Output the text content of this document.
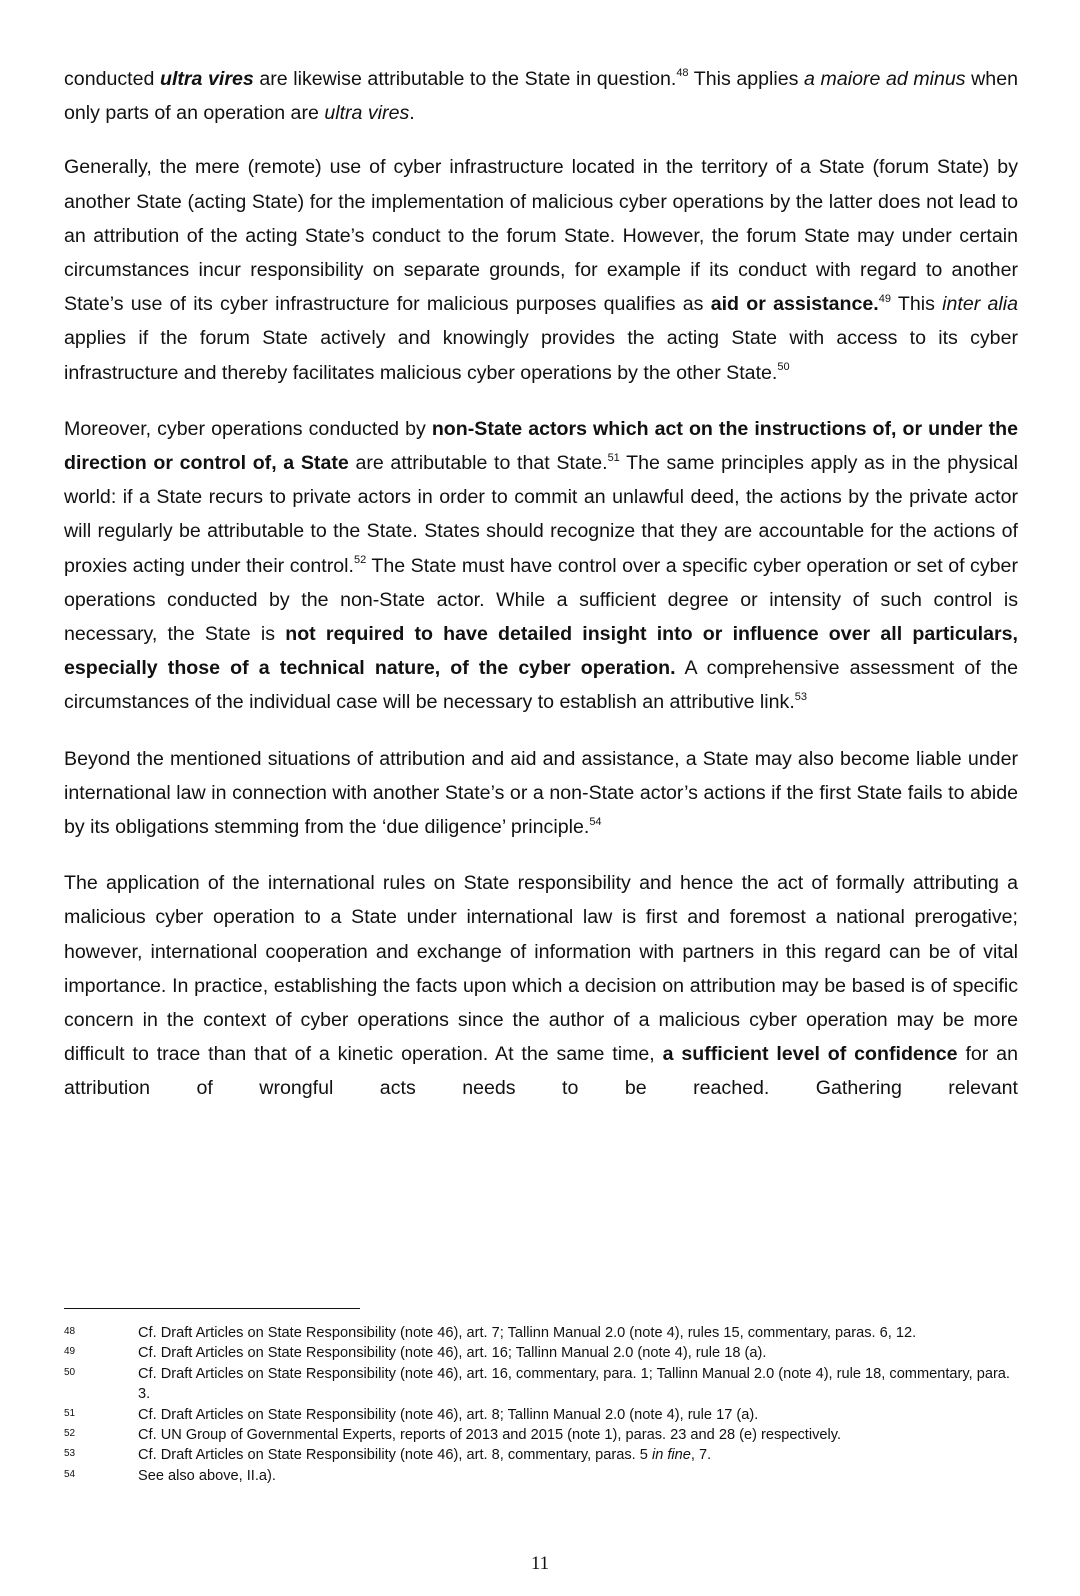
conducted ultra vires are likewise attributable to the State in question.$^{48}$ This applies a maiore ad minus when only parts of an operation are ultra vires.

Generally, the mere (remote) use of cyber infrastructure located in the territory of a State (forum State) by another State (acting State) for the implementation of malicious cyber operations by the latter does not lead to an attribution of the acting State’s conduct to the forum State. However, the forum State may under certain circumstances incur responsibility on separate grounds, for example if its conduct with regard to another State’s use of its cyber infrastructure for malicious purposes qualifies as aid or assistance.$^{49}$ This inter alia applies if the forum State actively and knowingly provides the acting State with access to its cyber infrastructure and thereby facilitates malicious cyber operations by the other State.$^{50}$

Moreover, cyber operations conducted by non-State actors which act on the instructions of, or under the direction or control of, a State are attributable to that State.$^{51}$ The same principles apply as in the physical world: if a State recurs to private actors in order to commit an unlawful deed, the actions by the private actor will regularly be attributable to the State. States should recognize that they are accountable for the actions of proxies acting under their control.$^{52}$ The State must have control over a specific cyber operation or set of cyber operations conducted by the non-State actor. While a sufficient degree or intensity of such control is necessary, the State is not required to have detailed insight into or influence over all particulars, especially those of a technical nature, of the cyber operation. A comprehensive assessment of the circumstances of the individual case will be necessary to establish an attributive link.$^{53}$

Beyond the mentioned situations of attribution and aid and assistance, a State may also become liable under international law in connection with another State’s or a non-State actor’s actions if the first State fails to abide by its obligations stemming from the ‘due diligence’ principle.$^{54}$

The application of the international rules on State responsibility and hence the act of formally attributing a malicious cyber operation to a State under international law is first and foremost a national prerogative; however, international cooperation and exchange of information with partners in this regard can be of vital importance. In practice, establishing the facts upon which a decision on attribution may be based is of specific concern in the context of cyber operations since the author of a malicious cyber operation may be more difficult to trace than that of a kinetic operation. At the same time, a sufficient level of confidence for an attribution of wrongful acts needs to be reached. Gathering relevant

48	Cf. Draft Articles on State Responsibility (note 46), art. 7; Tallinn Manual 2.0 (note 4), rules 15, commentary, paras. 6, 12.
49	Cf. Draft Articles on State Responsibility (note 46), art. 16; Tallinn Manual 2.0 (note 4), rule 18 (a).
50	Cf. Draft Articles on State Responsibility (note 46), art. 16, commentary, para. 1; Tallinn Manual 2.0 (note 4), rule 18, commentary, para. 3.
51	Cf. Draft Articles on State Responsibility (note 46), art. 8; Tallinn Manual 2.0 (note 4), rule 17 (a).
52	Cf. UN Group of Governmental Experts, reports of 2013 and 2015 (note 1), paras. 23 and 28 (e) respectively.
53	Cf. Draft Articles on State Responsibility (note 46), art. 8, commentary, paras. 5 in fine, 7.
54	See also above, II.a).
11
